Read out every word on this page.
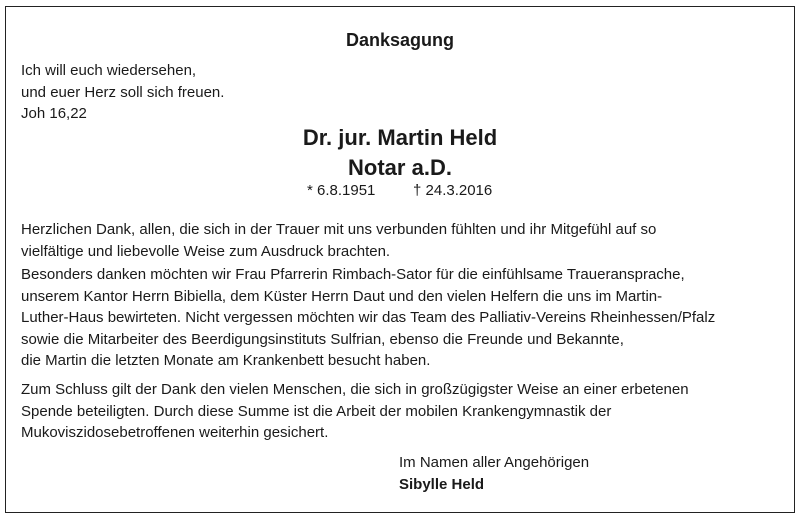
Danksagung
Ich will euch wiedersehen,
und euer Herz soll sich freuen.
Joh 16,22
Dr. jur. Martin Held
Notar a.D.
* 6.8.1951	† 24.3.2016
Herzlichen Dank, allen, die sich in der Trauer mit uns verbunden fühlten und ihr Mitgefühl auf so
vielfältige und liebevolle Weise zum Ausdruck brachten.
Besonders danken möchten wir Frau Pfarrerin Rimbach-Sator für die einfühlsame Traueransprache,
unserem Kantor Herrn Bibiella, dem Küster Herrn Daut und den vielen Helfern die uns im Martin-
Luther-Haus bewirteten. Nicht vergessen möchten wir das Team des Palliativ-Vereins Rheinhessen/Pfalz
sowie die Mitarbeiter des Beerdigungsinstituts Sulfrian, ebenso die Freunde und Bekannte,
die Martin die letzten Monate am Krankenbett besucht haben.
Zum Schluss gilt der Dank den vielen Menschen, die sich in großzügigster Weise an einer erbetenen
Spende beteiligten. Durch diese Summe ist die Arbeit der mobilen Krankengymnastik der
Mukoviszidosebetroffenen weiterhin gesichert.
Im Namen aller Angehörigen
Sibylle Held
